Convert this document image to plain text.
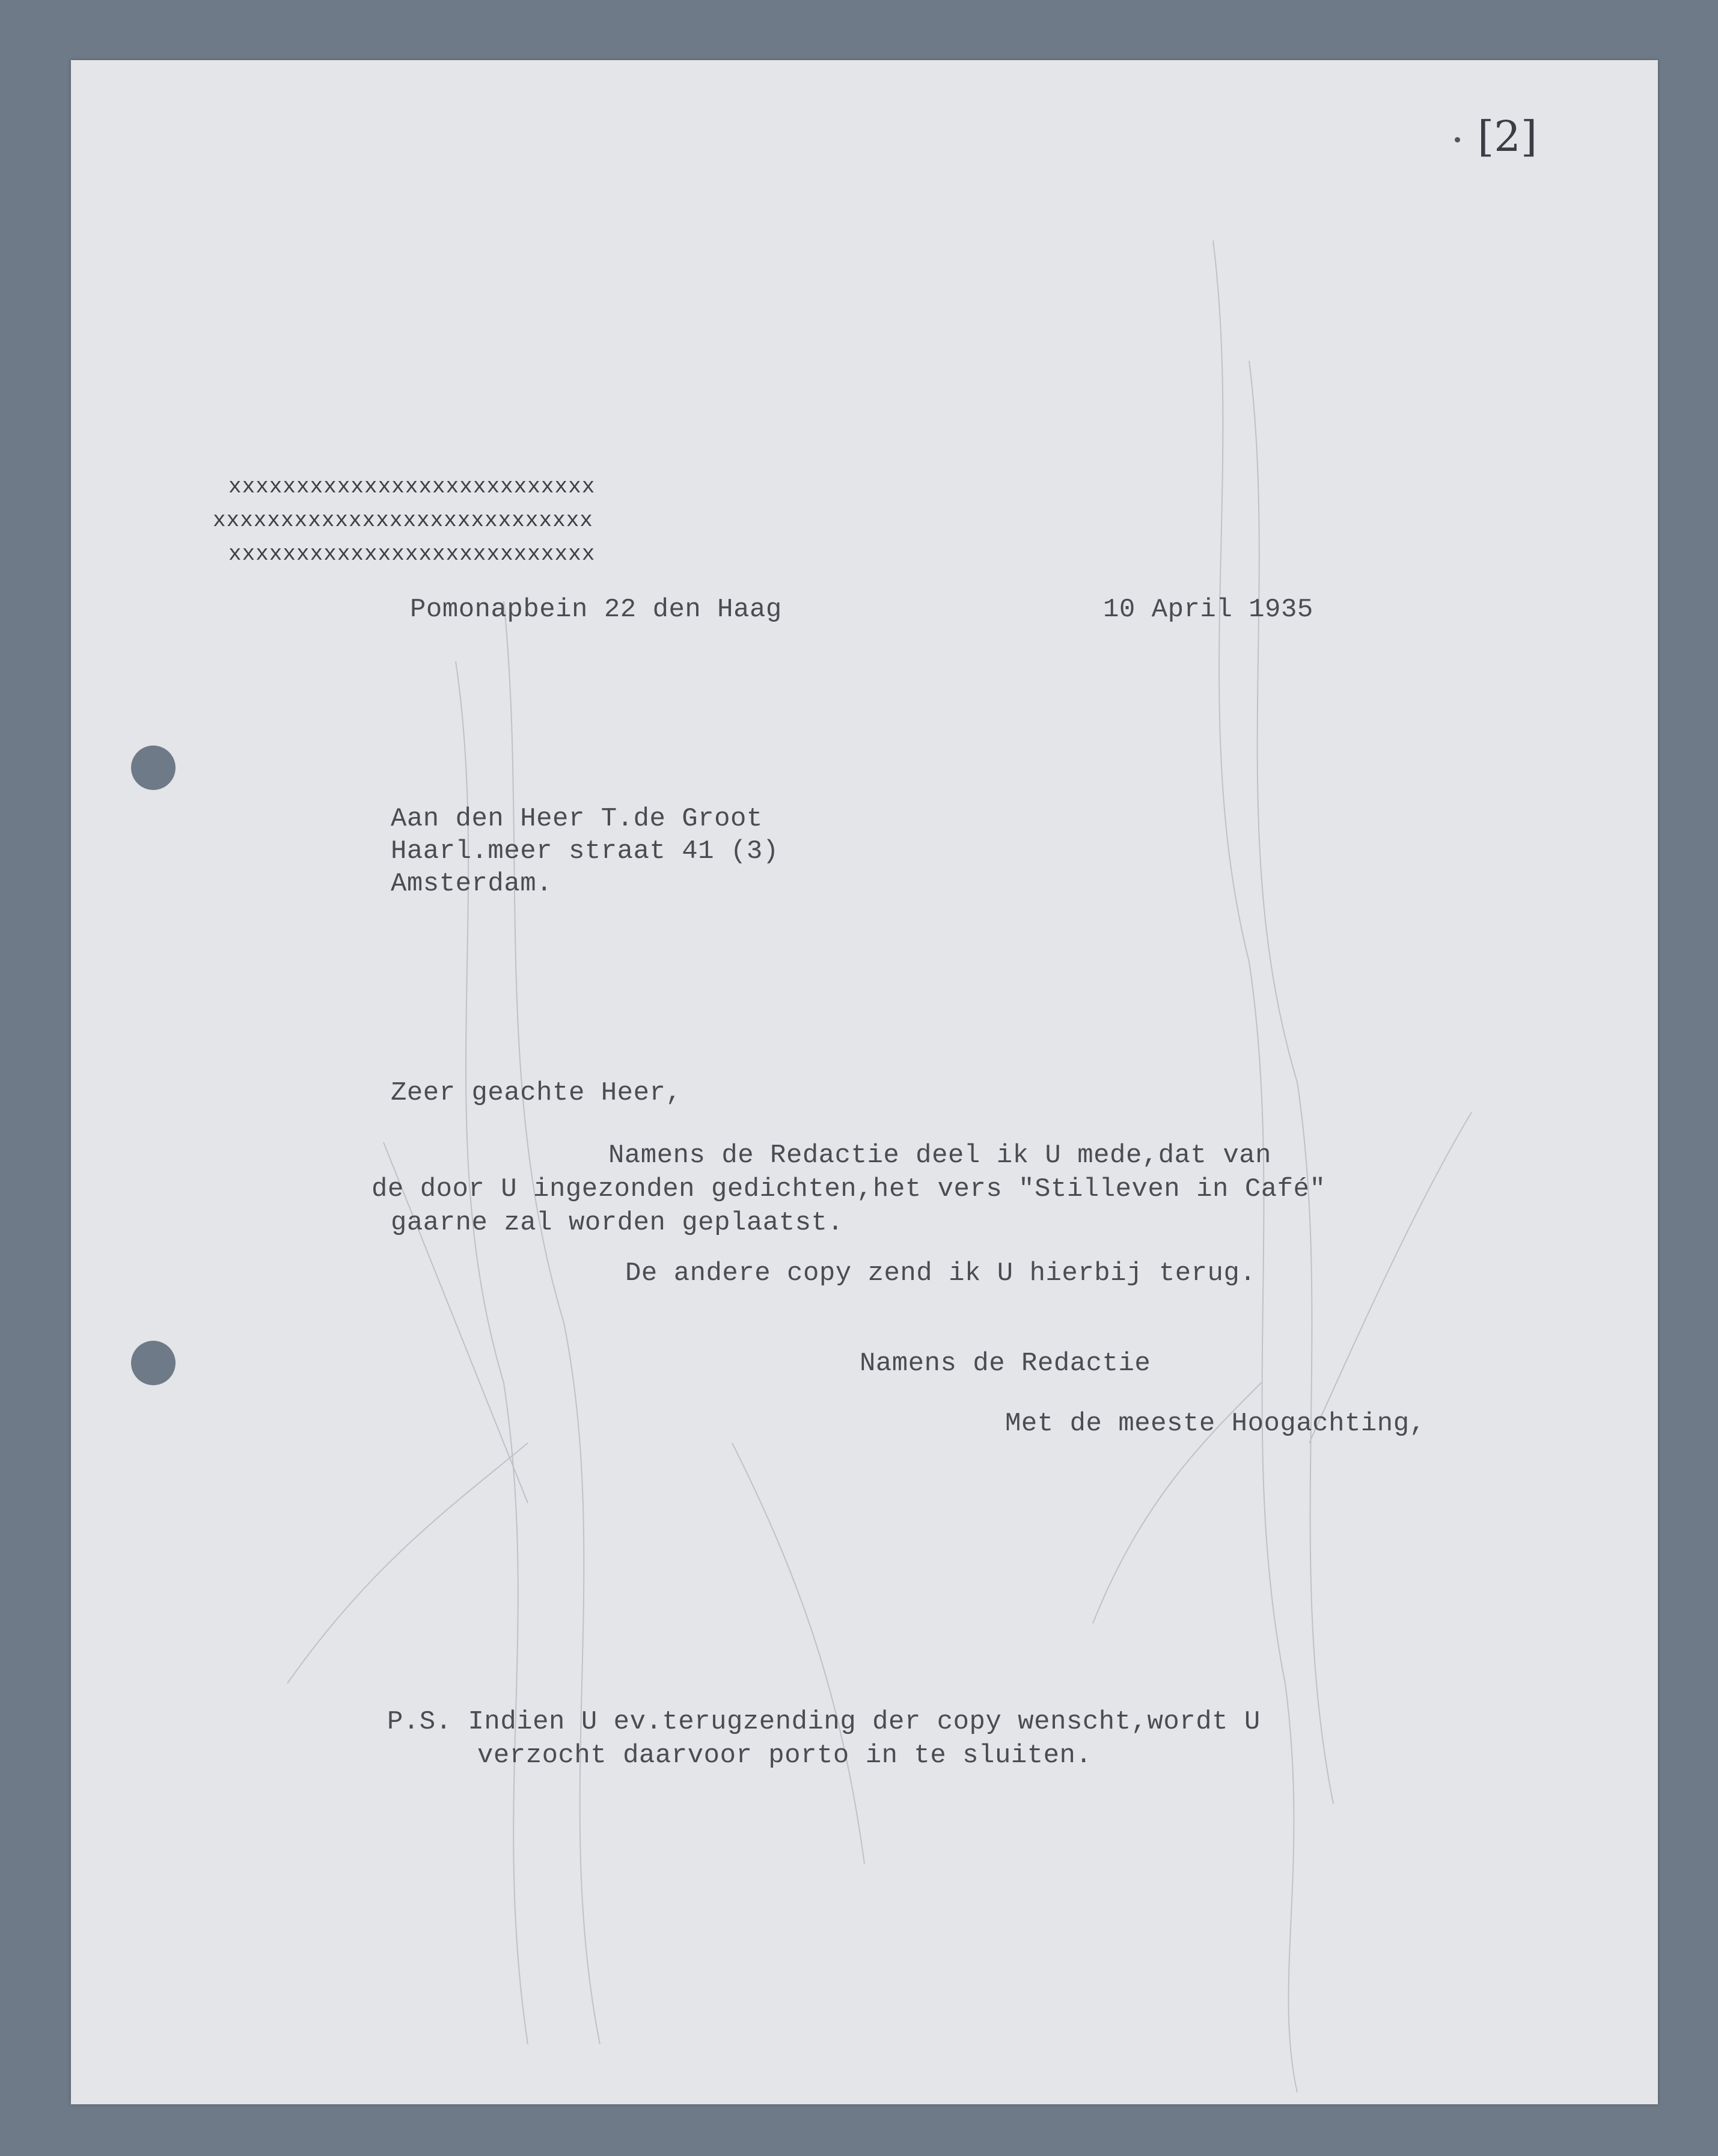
[2]
xxxxxxxxxxxxxxxxxxxxxxxxxxx
xxxxxxxxxxxxxxxxxxxxxxxxxxxx
xxxxxxxxxxxxxxxxxxxxxxxxxxx
Pomonapbein 22 den Haag	10 April 1935
Aan den Heer T.de Groot
Haarl.meer straat 41 (3)
Amsterdam.
Zeer geachte Heer,
Namens de Redactie deel ik U mede,dat van
de door U ingezonden gedichten,het vers "Stilleven in Café"
gaarne zal worden geplaatst.
De andere copy zend ik U hierbij terug.
Namens de Redactie
Met de meeste Hoogachting,
P.S. Indien U ev.terugzending der copy wenscht,wordt U
verzocht daarvoor porto in te sluiten.
